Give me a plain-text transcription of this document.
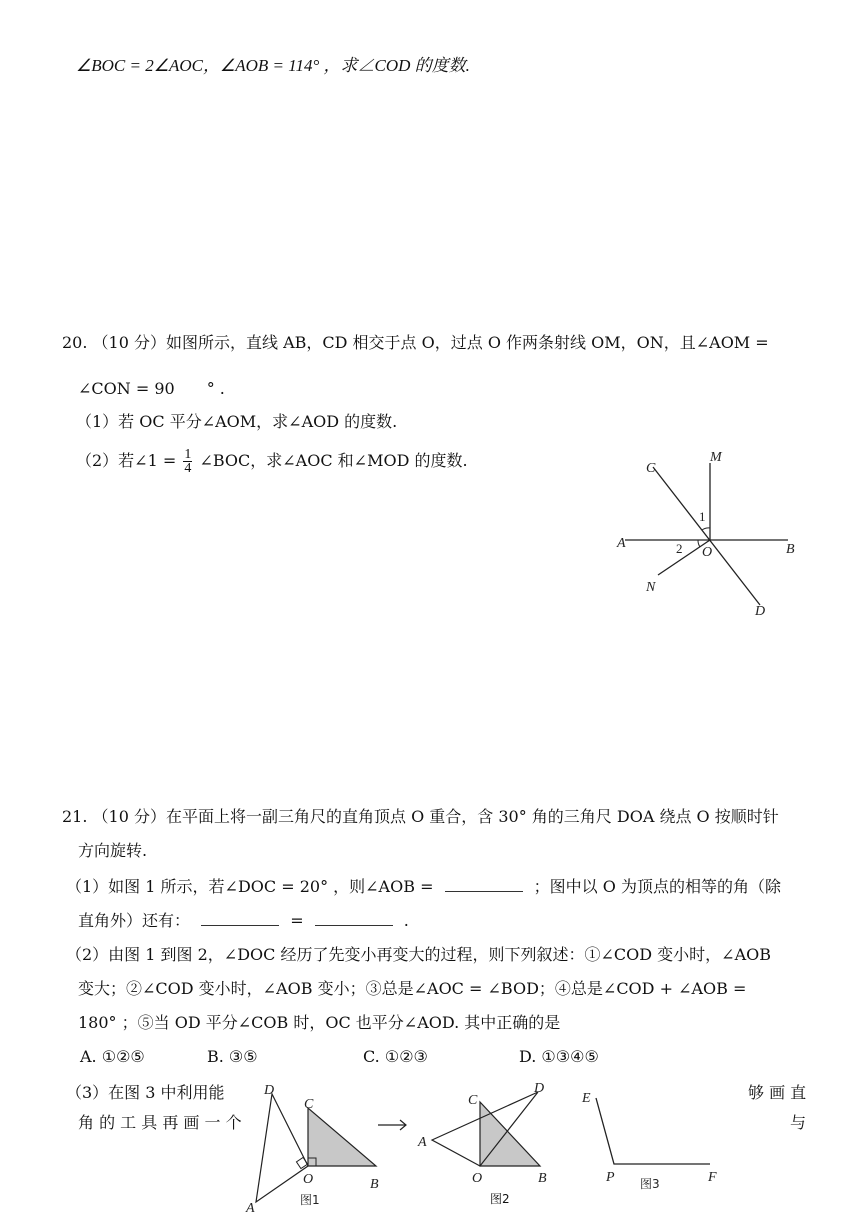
∠BOC = 2∠AOC，∠AOB = 114° ，求∠COD 的度数.
20. （10 分）如图所示，直线 AB，CD 相交于点 O，过点 O 作两条射线 OM，ON，且∠AOM =
∠CON = 90　　° .
（1）若 OC 平分∠AOM，求∠AOD 的度数.
（2）若∠1 = $\frac{1}{4}$ ∠BOC，求∠AOC 和∠MOD 的度数.	C
M
A	B
O
N
D
1
2
21. （10 分）在平面上将一副三角尺的直角顶点 O 重合，含 30° 角的三角尺 DOA 绕点 O 按顺时针
方向旋转.
（1）如图 1 所示，若∠DOC = 20° ，则∠AOB =	；图中以 O 为顶点的相等的角（除
直角外）还有：	=	.
（2）由图 1 到图 2，∠DOC 经历了先变小再变大的过程，则下列叙述：①∠COD 变小时，∠AOB
变大；②∠COD 变小时，∠AOB 变小；③总是∠AOC = ∠BOD；④总是∠COD + ∠AOB =
180° ；⑤当 OD 平分∠COB 时，OC 也平分∠AOD. 其中正确的是
A. ①②⑤	B. ③⑤	C. ①②③	D. ①③④⑤
（3）在图 3 中利用能	够 画 直
角 的 工 具 再 画 一 个	与
D
C
O
A
B
图1
C
D
A
O	B
图2
E
P	F
图3
